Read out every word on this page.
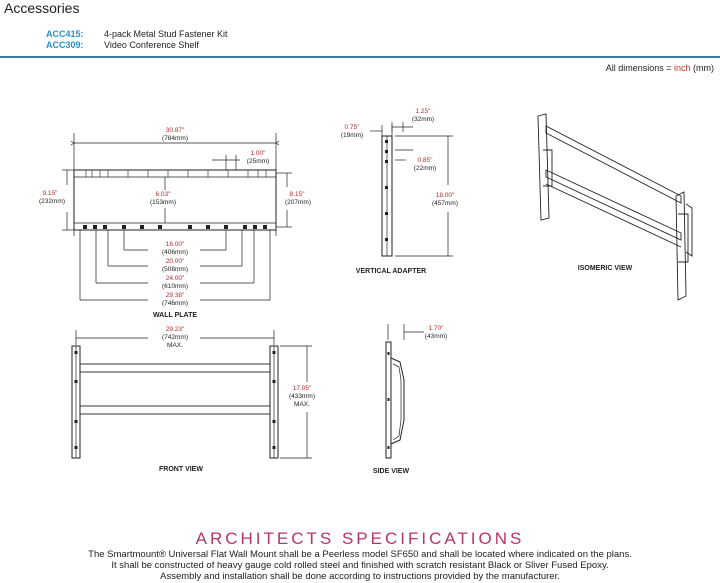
Accessories
ACC415: 4-pack Metal Stud Fastener Kit
ACC309: Video Conference Shelf
All dimensions = inch (mm)
30.87"
(784mm)
1.00"
(25mm)
9.15"
(232mm)
6.03"
(153mm)
8.15"
(207mm)
16.00"
(406mm)
20.00"
(508mm)
24.00"
(610mm)
29.38"
(746mm)
WALL PLATE
0.75"
(19mm)
1.25"
(32mm)
0.85"
(22mm)
18.00"
(457mm)
VERTICAL ADAPTER	ISOMERIC VIEW
29.23"
(742mm)
MAX.
17.05"
(433mm)
MAX.
FRONT VIEW
1.70"
(43mm)
SIDE VIEW
ARCHITECTS SPECIFICATIONS
The Smartmount® Universal Flat Wall Mount shall be a Peerless model SF650 and shall be located where indicated on the plans.
It shall be constructed of heavy gauge cold rolled steel and finished with scratch resistant Black or Sliver Fused Epoxy.
Assembly and installation shall be done according to instructions provided by the manufacturer.
